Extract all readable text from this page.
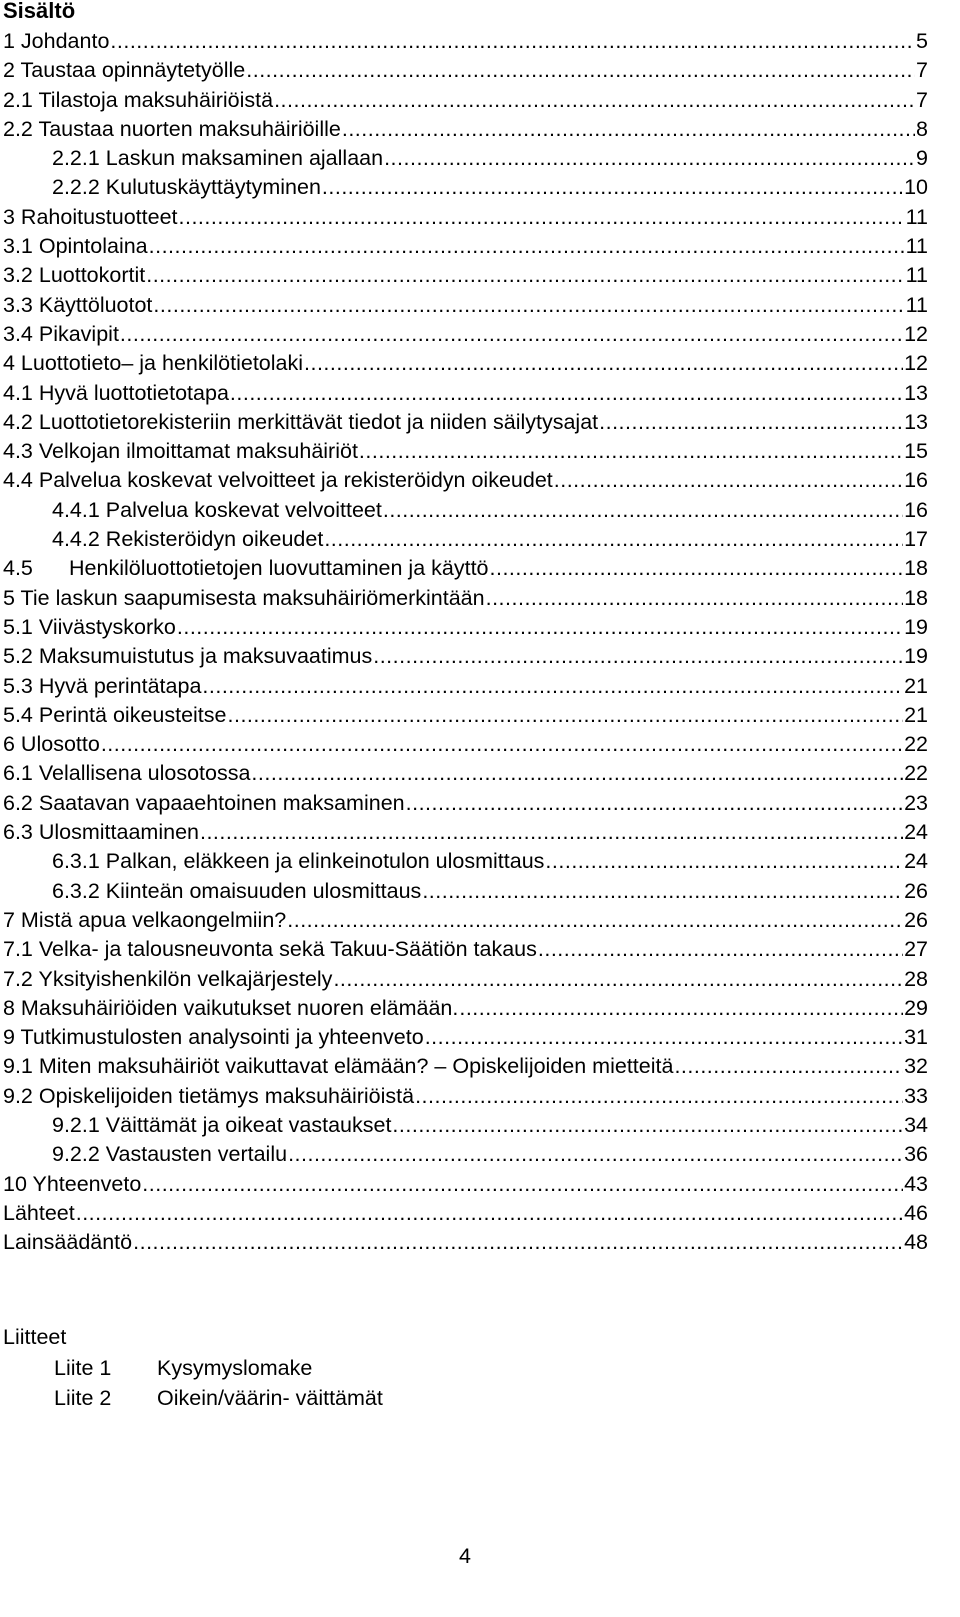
Sisältö
1 Johdanto .....	5
2 Taustaa opinnäytetyölle .....	7
2.1 Tilastoja maksuhäiriöistä .....	7
2.2 Taustaa nuorten maksuhäiriöille .....	8
2.2.1 Laskun maksaminen ajallaan .....	9
2.2.2 Kulutuskäyttäytyminen .....	10
3 Rahoitustuotteet .....	11
3.1 Opintolaina .....	11
3.2 Luottokortit .....	11
3.3 Käyttöluotot .....	11
3.4 Pikavipit .....	12
4 Luottotieto– ja henkilötietolaki .....	12
4.1 Hyvä luottotietotapa .....	13
4.2 Luottotietorekisteriin merkittävät tiedot ja niiden säilytysajat .....	13
4.3 Velkojan ilmoittamat maksuhäiriöt .....	15
4.4 Palvelua koskevat velvoitteet ja rekisteröidyn oikeudet .....	16
4.4.1 Palvelua koskevat velvoitteet .....	16
4.4.2 Rekisteröidyn oikeudet .....	17
4.5	Henkilöluottotietojen luovuttaminen ja käyttö .....	18
5 Tie laskun saapumisesta maksuhäiriömerkintään .....	18
5.1 Viivästyskorko .....	19
5.2 Maksumuistutus ja maksuvaatimus .....	19
5.3 Hyvä perintätapa .....	21
5.4 Perintä oikeusteitse .....	21
6 Ulosotto .....	22
6.1 Velallisena ulosotossa .....	22
6.2 Saatavan vapaaehtoinen maksaminen .....	23
6.3 Ulosmittaaminen .....	24
6.3.1 Palkan, eläkkeen ja elinkeinotulon ulosmittaus .....	24
6.3.2 Kiinteän omaisuuden ulosmittaus .....	26
7 Mistä apua velkaongelmiin? .....	26
7.1 Velka- ja talousneuvonta sekä Takuu-Säätiön takaus .....	27
7.2 Yksityishenkilön velkajärjestely .....	28
8 Maksuhäiriöiden vaikutukset nuoren elämään. .....	29
9 Tutkimustulosten analysointi ja yhteenveto .....	31
9.1 Miten maksuhäiriöt vaikuttavat elämään? – Opiskelijoiden mietteitä .....	32
9.2 Opiskelijoiden tietämys maksuhäiriöistä .....	33
9.2.1 Väittämät ja oikeat vastaukset .....	34
9.2.2 Vastausten vertailu .....	36
10 Yhteenveto .....	43
Lähteet .....	46
Lainsäädäntö .....	48

Liitteet

Liite 1	Kysymyslomake
Liite 2	Oikein/väärin- väittämät
4
